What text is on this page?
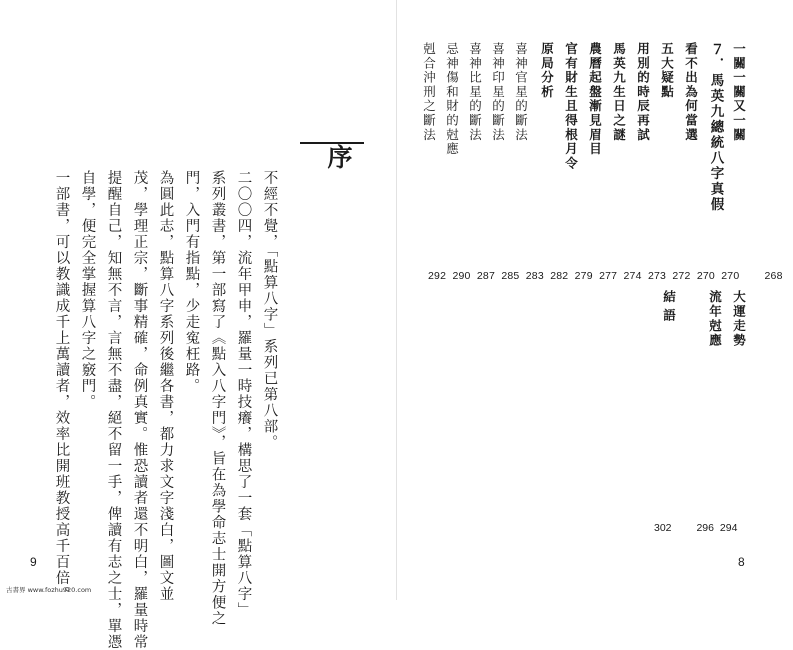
序
不經不覺，「點算八字」系列已第八部。
二〇〇四，流年甲申，羅量一時技癢，構思了一套「點算八字」
系列叢書，第一部寫了《點入八字門》，旨在為學命志士開方便之
門，入門有指點，少走寃枉路。
為圓此志，點算八字系列後繼各書，都力求文字淺白，圖文並
茂，學理正宗，斷事精確，命例真實。惟恐讀者還不明白，羅量時常
提醒自己，知無不言，言無不盡，絕不留一手，俾讀有志之士，單憑
自學，便完全掌握算八字之竅門。
一部書，可以教識成千上萬讀者，效率比開班教授高千百倍。
9
一關一關又一關
７．馬英九總統八字真假
看不出為何當選
五大疑點
用別的時辰再試
馬英九生日之謎
農曆起盤漸見眉目
官有財生且得根月令
原局分析
喜神官星的斷法
喜神印星的斷法
喜神比星的斷法
忌神傷和財的尅應
剋合沖刑之斷法
292 290 287 285 283 282 279 277 274 273 272 270 270 268
大運走勢
流年尅應
結語
302 296 294
8
古書界 www.fozhu920.com
